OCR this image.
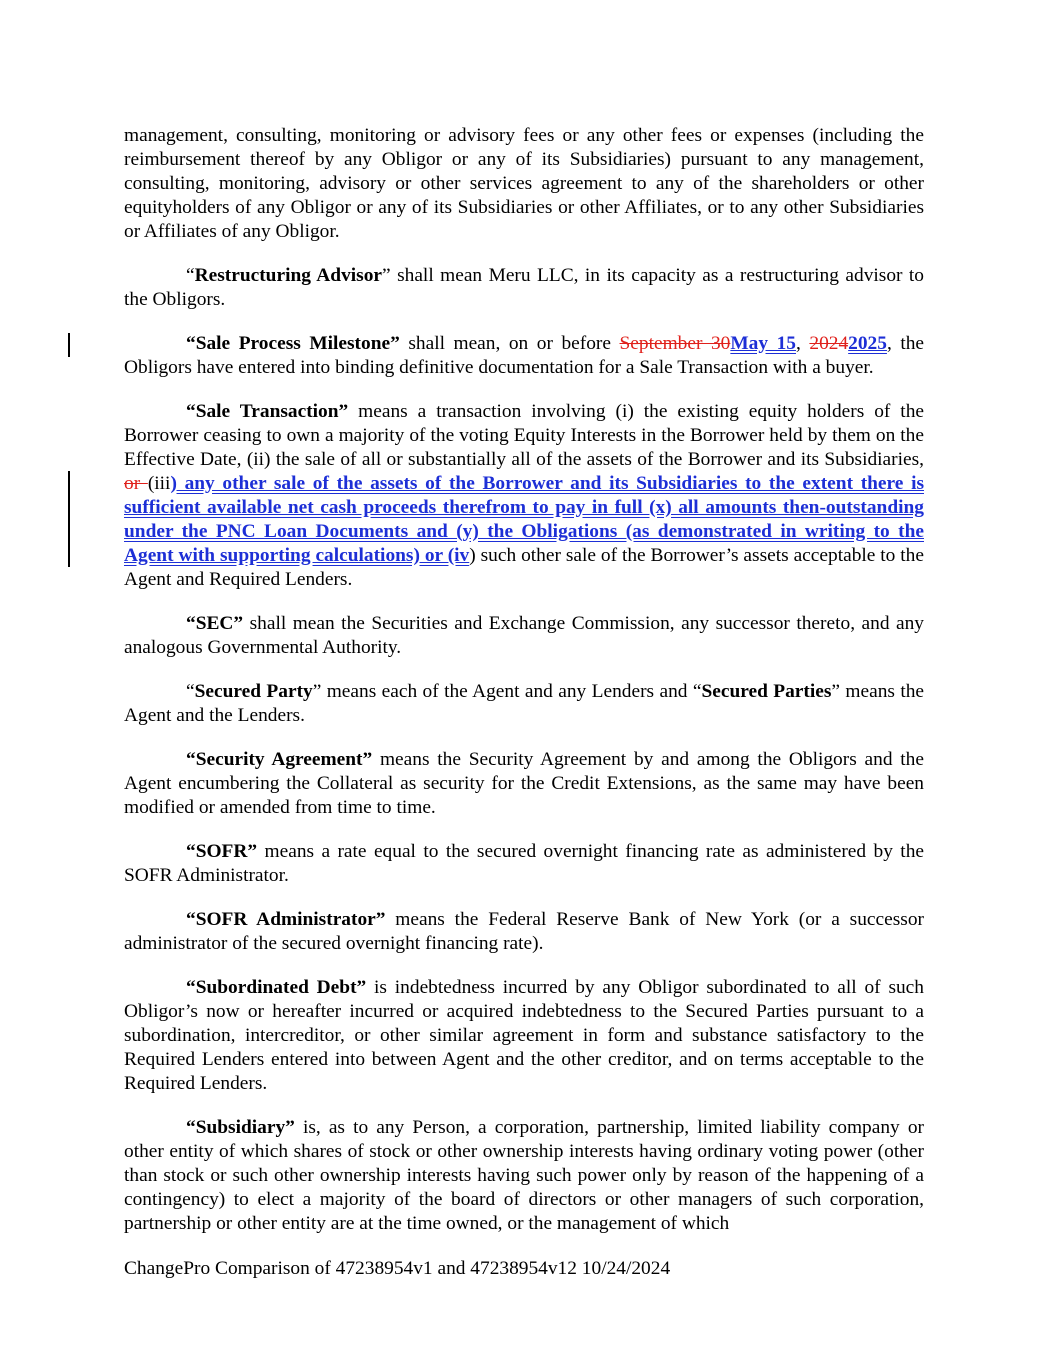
management, consulting, monitoring or advisory fees or any other fees or expenses (including the reimbursement thereof by any Obligor or any of its Subsidiaries) pursuant to any management, consulting, monitoring, advisory or other services agreement to any of the shareholders or other equityholders of any Obligor or any of its Subsidiaries or other Affiliates, or to any other Subsidiaries or Affiliates of any Obligor.

“Restructuring Advisor” shall mean Meru LLC, in its capacity as a restructuring advisor to the Obligors.

“Sale Process Milestone” shall mean, on or before September 30May 15, 20242025, the Obligors have entered into binding definitive documentation for a Sale Transaction with a buyer.

“Sale Transaction” means a transaction involving (i) the existing equity holders of the Borrower ceasing to own a majority of the voting Equity Interests in the Borrower held by them on the Effective Date, (ii) the sale of all or substantially all of the assets of the Borrower and its Subsidiaries, or (iii) any other sale of the assets of the Borrower and its Subsidiaries to the extent there is sufficient available net cash proceeds therefrom to pay in full (x) all amounts then-outstanding under the PNC Loan Documents and (y) the Obligations (as demonstrated in writing to the Agent with supporting calculations) or (iv) such other sale of the Borrower’s assets acceptable to the Agent and Required Lenders.

“SEC” shall mean the Securities and Exchange Commission, any successor thereto, and any analogous Governmental Authority.

“Secured Party” means each of the Agent and any Lenders and “Secured Parties” means the Agent and the Lenders.

“Security Agreement” means the Security Agreement by and among the Obligors and the Agent encumbering the Collateral as security for the Credit Extensions, as the same may have been modified or amended from time to time.

“SOFR” means a rate equal to the secured overnight financing rate as administered by the SOFR Administrator.

“SOFR Administrator” means the Federal Reserve Bank of New York (or a successor administrator of the secured overnight financing rate).

“Subordinated Debt” is indebtedness incurred by any Obligor subordinated to all of such Obligor’s now or hereafter incurred or acquired indebtedness to the Secured Parties pursuant to a subordination, intercreditor, or other similar agreement in form and substance satisfactory to the Required Lenders entered into between Agent and the other creditor, and on terms acceptable to the Required Lenders.

“Subsidiary” is, as to any Person, a corporation, partnership, limited liability company or other entity of which shares of stock or other ownership interests having ordinary voting power (other than stock or such other ownership interests having such power only by reason of the happening of a contingency) to elect a majority of the board of directors or other managers of such corporation, partnership or other entity are at the time owned, or the management of which

ChangePro Comparison of 47238954v1 and 47238954v12 10/24/2024
